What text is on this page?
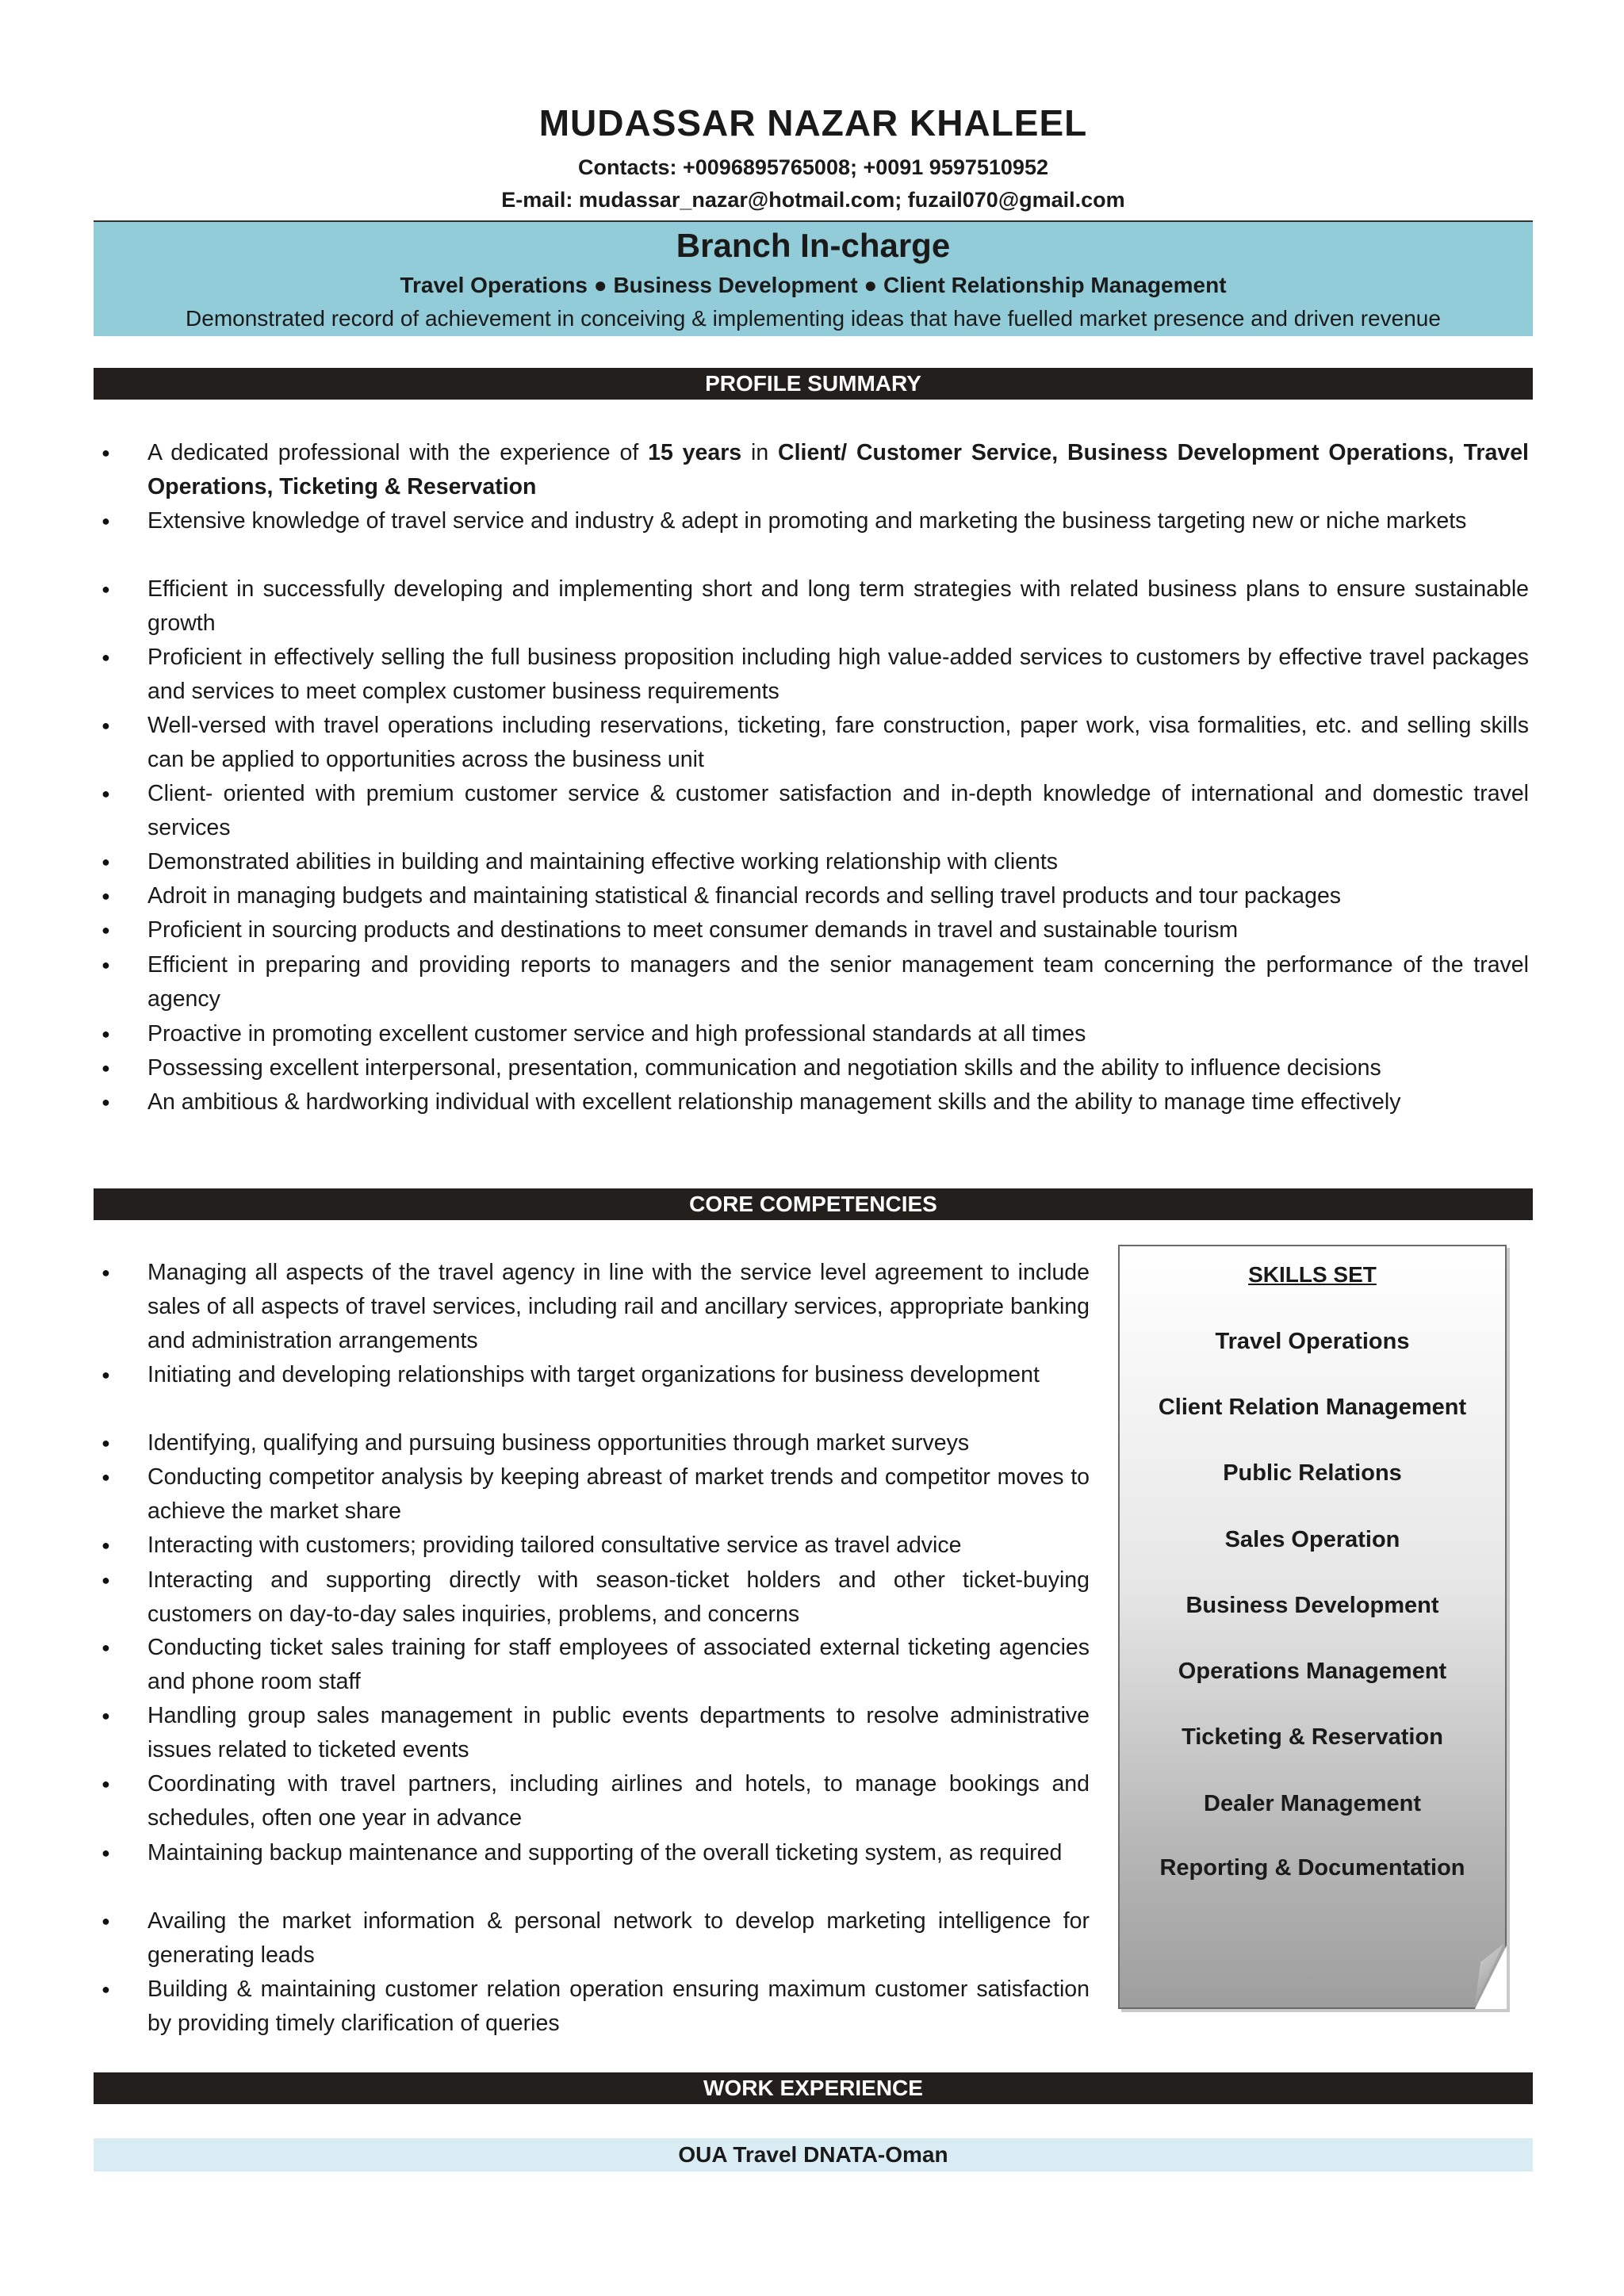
MUDASSAR NAZAR KHALEEL
Contacts: +0096895765008; +0091 9597510952
E-mail: mudassar_nazar@hotmail.com; fuzail070@gmail.com
Branch In-charge
Travel Operations ● Business Development ● Client Relationship Management
Demonstrated record of achievement in conceiving & implementing ideas that have fuelled market presence and driven revenue
PROFILE SUMMARY
● A dedicated professional with the experience of 15 years in Client/ Customer Service, Business Development Operations, Travel Operations, Ticketing & Reservation
● Extensive knowledge of travel service and industry & adept in promoting and marketing the business targeting new or niche markets
● Efficient in successfully developing and implementing short and long term strategies with related business plans to ensure sustainable growth
● Proficient in effectively selling the full business proposition including high value-added services to customers by effective travel packages and services to meet complex customer business requirements
● Well-versed with travel operations including reservations, ticketing, fare construction, paper work, visa formalities, etc. and selling skills can be applied to opportunities across the business unit
● Client- oriented with premium customer service & customer satisfaction and in-depth knowledge of international and domestic travel services
● Demonstrated abilities in building and maintaining effective working relationship with clients
● Adroit in managing budgets and maintaining statistical & financial records and selling travel products and tour packages
● Proficient in sourcing products and destinations to meet consumer demands in travel and sustainable tourism
● Efficient in preparing and providing reports to managers and the senior management team concerning the performance of the travel agency
● Proactive in promoting excellent customer service and high professional standards at all times
● Possessing excellent interpersonal, presentation, communication and negotiation skills and the ability to influence decisions
● An ambitious & hardworking individual with excellent relationship management skills and the ability to manage time effectively
CORE COMPETENCIES
● Managing all aspects of the travel agency in line with the service level agreement to include sales of all aspects of travel services, including rail and ancillary services, appropriate banking and administration arrangements
● Initiating and developing relationships with target organizations for business development
● Identifying, qualifying and pursuing business opportunities through market surveys
● Conducting competitor analysis by keeping abreast of market trends and competitor moves to achieve the market share
● Interacting with customers; providing tailored consultative service as travel advice
● Interacting and supporting directly with season-ticket holders and other ticket-buying customers on day-to-day sales inquiries, problems, and concerns
● Conducting ticket sales training for staff employees of associated external ticketing agencies and phone room staff
● Handling group sales management in public events departments to resolve administrative issues related to ticketed events
● Coordinating with travel partners, including airlines and hotels, to manage bookings and schedules, often one year in advance
● Maintaining backup maintenance and supporting of the overall ticketing system, as required
● Availing the market information & personal network to develop marketing intelligence for generating leads
● Building & maintaining customer relation operation ensuring maximum customer satisfaction by providing timely clarification of queries
SKILLS SET
Travel Operations
Client Relation Management
Public Relations
Sales Operation
Business Development
Operations Management
Ticketing & Reservation
Dealer Management
Reporting & Documentation
WORK EXPERIENCE
OUA Travel DNATA-Oman
